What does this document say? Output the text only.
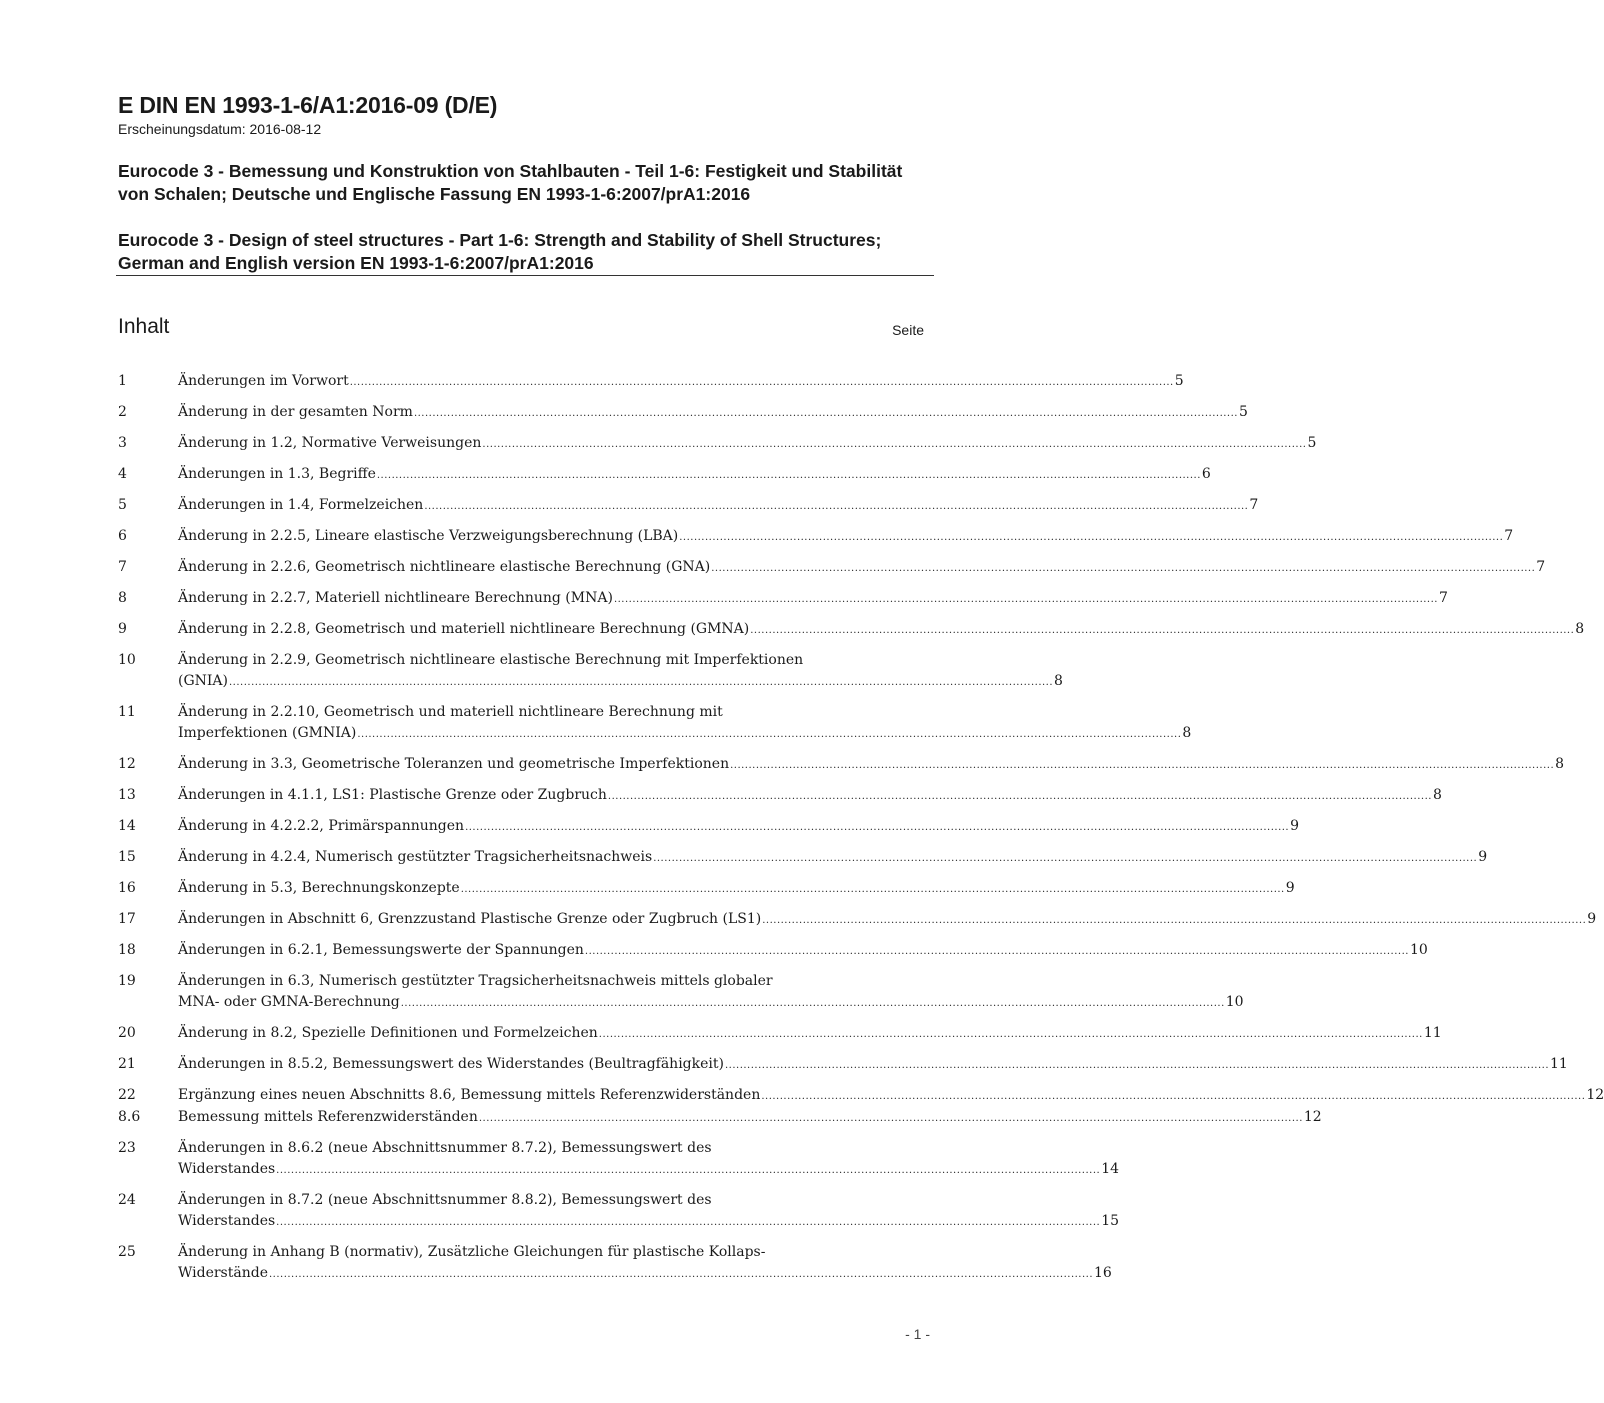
E DIN EN 1993-1-6/A1:2016-09 (D/E)
Erscheinungsdatum: 2016-08-12
Eurocode 3 - Bemessung und Konstruktion von Stahlbauten - Teil 1-6: Festigkeit und Stabilität von Schalen; Deutsche und Englische Fassung EN 1993-1-6:2007/prA1:2016
Eurocode 3 - Design of steel structures - Part 1-6: Strength and Stability of Shell Structures; German and English version EN 1993-1-6:2007/prA1:2016
Inhalt	Seite
1	Änderungen im Vorwort .....	5
2	Änderung in der gesamten Norm .....	5
3	Änderung in 1.2, Normative Verweisungen .....	5
4	Änderungen in 1.3, Begriffe .....	6
5	Änderungen in 1.4, Formelzeichen .....	7
6	Änderung in 2.2.5, Lineare elastische Verzweigungsberechnung (LBA) .....	7
7	Änderung in 2.2.6, Geometrisch nichtlineare elastische Berechnung (GNA) .....	7
8	Änderung in 2.2.7, Materiell nichtlineare Berechnung (MNA) .....	7
9	Änderung in 2.2.8, Geometrisch und materiell nichtlineare Berechnung (GMNA) .....	8
10	Änderung in 2.2.9, Geometrisch nichtlineare elastische Berechnung mit Imperfektionen
(GNIA) .....	8
11	Änderung in 2.2.10, Geometrisch und materiell nichtlineare Berechnung mit
Imperfektionen (GMNIA) .....	8
12	Änderung in 3.3, Geometrische Toleranzen und geometrische Imperfektionen .....	8
13	Änderungen in 4.1.1, LS1: Plastische Grenze oder Zugbruch .....	8
14	Änderung in 4.2.2.2, Primärspannungen .....	9
15	Änderung in 4.2.4, Numerisch gestützter Tragsicherheitsnachweis .....	9
16	Änderung in 5.3, Berechnungskonzepte .....	9
17	Änderungen in Abschnitt 6, Grenzzustand Plastische Grenze oder Zugbruch (LS1) .....	9
18	Änderungen in 6.2.1, Bemessungswerte der Spannungen .....	10
19	Änderungen in 6.3, Numerisch gestützter Tragsicherheitsnachweis mittels globaler
MNA- oder GMNA-Berechnung .....	10
20	Änderung in 8.2, Spezielle Definitionen und Formelzeichen .....	11
21	Änderungen in 8.5.2, Bemessungswert des Widerstandes (Beultragfähigkeit) .....	11
22	Ergänzung eines neuen Abschnitts 8.6, Bemessung mittels Referenzwiderständen .....	12
8.6	Bemessung mittels Referenzwiderständen .....	12
23	Änderungen in 8.6.2 (neue Abschnittsnummer 8.7.2), Bemessungswert des
Widerstandes .....	14
24	Änderungen in 8.7.2 (neue Abschnittsnummer 8.8.2), Bemessungswert des
Widerstandes .....	15
25	Änderung in Anhang B (normativ), Zusätzliche Gleichungen für plastische Kollaps-
Widerstände .....	16
- 1 -
